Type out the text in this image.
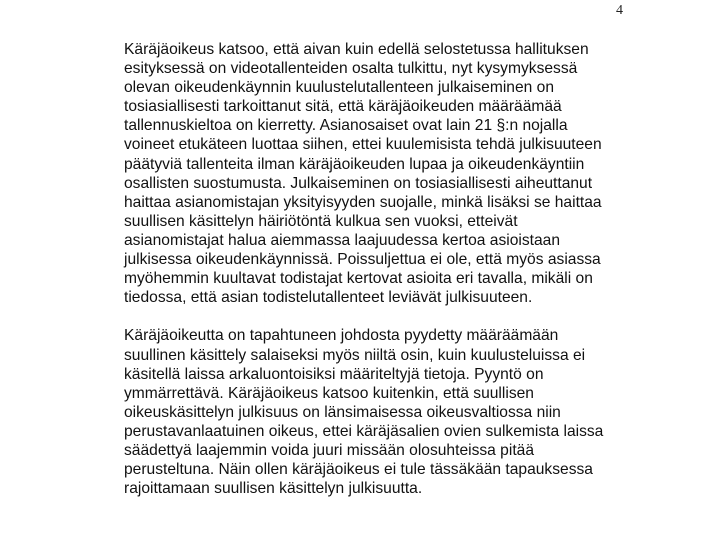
4

Käräjäoikeus katsoo, että aivan kuin edellä selostetussa hallituksen
esityksessä on videotallenteiden osalta tulkittu, nyt kysymyksessä
olevan oikeudenkäynnin kuulustelutallenteen julkaiseminen on
tosiasiallisesti tarkoittanut sitä, että käräjäoikeuden määräämää
tallennuskieltoa on kierretty. Asianosaiset ovat lain 21 §:n nojalla
voineet etukäteen luottaa siihen, ettei kuulemisista tehdä julkisuuteen
päätyviä tallenteita ilman käräjäoikeuden lupaa ja oikeudenkäyntiin
osallisten suostumusta. Julkaiseminen on tosiasiallisesti aiheuttanut
haittaa asianomistajan yksityisyyden suojalle, minkä lisäksi se haittaa
suullisen käsittelyn häiriötöntä kulkua sen vuoksi, etteivät
asianomistajat halua aiemmassa laajuudessa kertoa asioistaan
julkisessa oikeudenkäynnissä. Poissuljettua ei ole, että myös asiassa
myöhemmin kuultavat todistajat kertovat asioita eri tavalla, mikäli on
tiedossa, että asian todistelutallenteet leviävät julkisuuteen.

Käräjäoikeutta on tapahtuneen johdosta pyydetty määräämään
suullinen käsittely salaiseksi myös niiltä osin, kuin kuulusteluissa ei
käsitellä laissa arkaluontoisiksi määriteltyjä tietoja. Pyyntö on
ymmärrettävä. Käräjäoikeus katsoo kuitenkin, että suullisen
oikeuskäsittelyn julkisuus on länsimaisessa oikeusvaltiossa niin
perustavanlaatuinen oikeus, ettei käräjäsalien ovien sulkemista laissa
säädettyä laajemmin voida juuri missään olosuhteissa pitää
perusteltuna. Näin ollen käräjäoikeus ei tule tässäkään tapauksessa
rajoittamaan suullisen käsittelyn julkisuutta.
